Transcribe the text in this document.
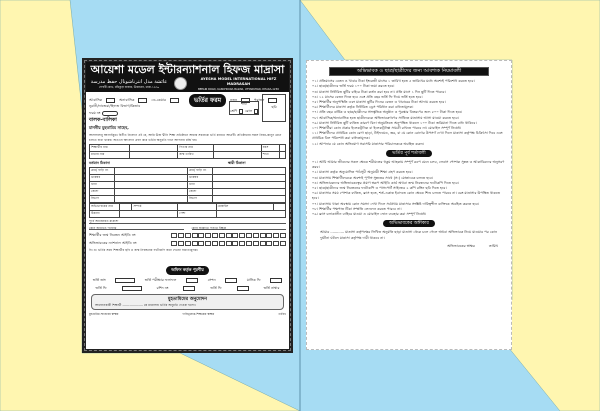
আয়েশা মডেল ইন্টারন্যাশনাল হিফজ মাদ্রাসা
عائشة مدل انترناشونال حفظ مدرسة
বেপারী রোড, কাঁচকুড়া বাজার, উত্তরখান, ঢাকা-১২৩০
AYESHA MODEL INTERNATIONAL HIFZ MADRASAH
BEPARI ROAD, KANCHKURA BAZAR, UTTARKHAN, DHAKA-1230
আবাসিক	অনাবাসিক	ডে-কেয়ার	ভর্তির ফরম	নতুন	পুরাতন
নূরানী/নাজেরা/হিফজ বিভাগ/কিতাব
ফরম নং
বালক-বালিকা
মাননীয় মুহতামিম সাহেব,
ছবি
শাখা
শ্রেণি রোল
আসসালামু আলাইকুম। বিনীত নিবেদন এই যে, আমি উক্ত দ্বীনি শিক্ষা প্রতিষ্ঠানে আমার সন্তানকে ভর্তি করাতে আগ্রহী। প্রতিষ্ঠানের সকল নিয়ম-কানুন মেনে চলতে বাধ্য থাকব। অতএব আবেদন গ্রহণ করে ভর্তির অনুমতি দানে আপনার মর্জি হয়।
শিক্ষার্থীর নাম		পিতার নাম		বয়স	
মাতার নাম		জন্ম তারিখ		শাখা	
বর্তমান ঠিকানা	স্থায়ী ঠিকানা
গ্রাম/ বাড়ি নং		গ্রাম/ বাড়ি নং	
ডাকঘর		ডাকঘর	
থানা		থানা	
জেলা		জেলা	
বিভাগ		বিভাগ	
অভিভাবকের নাম		সম্পর্ক		মোবাইল	
ঠিকানা			পেশা		
পূর্বে অধ্যয়নরত মাদ্রাসা
কোন জামাতে পড়েছে	কোন জামাতে পড়তে ইচ্ছুক
শিক্ষার্থীর জন্ম নিবন্ধন আইডি নং
অভিভাবকের ন্যাশনাল আইডি নং
বি: দ্র: ভর্তির সময় শিক্ষার্থীর ছবি ও জন্ম নিবন্ধনের ফটোকপি জমা দেওয়া বাধ্যতামূলক।
অফিস কর্তৃক পূরণীয়
ভর্তি তাং	ভর্তি পরীক্ষার ফলাফল	সেশন	মাসিক ফি
ভর্তি ফি	রশিদ নং	ভর্তি ফি	ভর্তি নাম্বার
মুহতামিমের অনুমোদন
আবেদনকারী শিক্ষার্থী .................... কে মাদ্রাসায় ভর্তির অনুমতি দেওয়া হলো।
মুহতামিম সাহেবের স্বাক্ষর	দায়িত্বপ্রাপ্ত শিক্ষকের স্বাক্ষর	তারিখ
অভিভাবক ও ছাত্র/ছাত্রীদের জন্য আবশ্যক নিয়মাবলী
০১। প্রতিমাসের বেতন ও খাবার টাকা ইংরেজী মাসের ১ তারিখ হতে ৫ তারিখের মধ্যে অবশ্যই পরিশোধ করতে হবে।
০২। ছাত্র/ছাত্রীদের ভর্তি ফরম ১০০ টাকা জমা করতে হবে।
০৩। মাদ্রাসা নির্ধারিত ছুটির বাইরে টাকা কর্তন করা হবে না। প্রতি মাসে ১ দিন ছুটি দিতে পারবে।
০৪। ১২ মাসের বেতন দিতে হবে এবং প্রতি বছর ভর্তি ফি দিয়ে ভর্তি হতে হবে।
০৫। শিক্ষার্থীর অনুপস্থিতি এবং মাদ্রাসা ছুটির দিনের বেতন ও খাবারের টাকা আদায় করতে হবে।
০৬। শিক্ষার্থীদের মাদ্রাসা কর্তৃক নির্ধারিত ড্রেস পরিধান করা বাধ্যতামূলক।
০৭। প্রতি বছর বার্ষিক ও ছাত্র/ছাত্রীদের সাংস্কৃতিক অনুষ্ঠান ও পুরস্কার বিতরণের জন্য ৫০০ টাকা দিতে হবে।
০৮। আবাসিক/অনাবাসিক হতে ছাত্রীদেরকে অভিভাবকগণের সাথিতে মাদ্রাসায় আসা যাওয়া করতে হবে।
০৯। মাদ্রাসা নির্ধারিত ছুটি ব্যতিত কারণে বিনা অনুমতিতে অনুপস্থিত থাকলে ১০০ টাকা জরিমানা দিতে বাধ্য থাকিবে।
১০। শিক্ষার্থীরা কোন প্রকার ইলেকট্রনিক বা ইলেকট্রনিক্স সামগ্রী রাখতে পারবে না। মোবাইল সম্পূর্ণ নিষেধ।
১১। শিক্ষার্থীদের প্রাথমিক কোন রোগ ছাড়া, টাইফয়েড, জ্বর, বা যে কোন রোগের উপসর্গ দেখা দিলে মাদ্রাসা কর্তৃপক্ষ চিকিৎসা দিবে এবং প্রাথমিক বিল পরিশোধ করা বাধ্যতামূলক।
১২। আপনার যে কোন অভিযোগ সরাসরি মাদ্রাসার পরিচালককে অবহিত করুন।
ভর্তির পূর্ব শর্তাবলী
০১। আমি আমার জীবনের সকল ক্ষেত্রে শরীয়তের হুকুম আহকাম সম্পূর্ণ রূপে মেনে চলব, লেবাস পোশাক সুন্নত ও আকাবিরদের অনুসরণ করব।
০২। মাদ্রাসা কর্তৃক অনুমোদিত পাঠসূচী অনুযায়ী শিক্ষা গ্রহণ করতে হবে।
০৩। মাদ্রাসায় শিক্ষার্থীদেরকে অবশ্যই পূর্ণাঙ্গ সুন্নতের সাথে (স:) মোতাবেক চলতে হবে।
০৪। অভিভাবকদের অভিভাবকত্বের প্রমাণ স্বরূপ আইডি কার্ড অথবা জন্ম নিবন্ধনের ফটোকপি দিতে হবে।
০৫। ছাত্র/ছাত্রীদের জন্ম নিবন্ধনের ফটোকপি ও পাসপোর্ট সাইজের ২ কপি রঙ্গিন ছবি দিতে হবে।
০৬। মাদ্রাসার সময় পোশাক ব্যতিত, ক্লাস হতে, শর্ত-একান্ত ইবাদতে কোন ক্ষেত্রে শিশু চলতে পারবে না। বরং মাদ্রাসার উপস্থিত থাকতে হবে।
০৭। মাদ্রাসায় থাকা অবস্থায় কোন সমস্যা দেখা দিলে সর্বপ্রথম মাদ্রাসার সংশ্লিষ্ট দায়িত্বশীল ব্যক্তিকে অবহিত করতে হবে।
০৮। শিক্ষার্থীর পক্ষপাত টিকা সম্প্রতি লেনদেন করতে পারবে না।
০৯। ক্লাস চলাকালীন বাহিরে যাওয়া ও মোবাইল ফোন ব্যবহার করা সম্পূর্ণ নিষেধ।
অভিভাবকের অঙ্গীকার
আমার ............ মাদ্রাসা কর্তৃপক্ষের লিখিত অনুমতি ছাড়া মাদ্রাসা থেকে চলে গেলে অথবা অভিভাবক নিয়ে যাওয়ার পর কোন দুর্ঘটনা ঘটলে মাদ্রাসা কর্তৃপক্ষ দায়ী থাকবে না।
অভিভাবকের স্বাক্ষর	তারিখ
